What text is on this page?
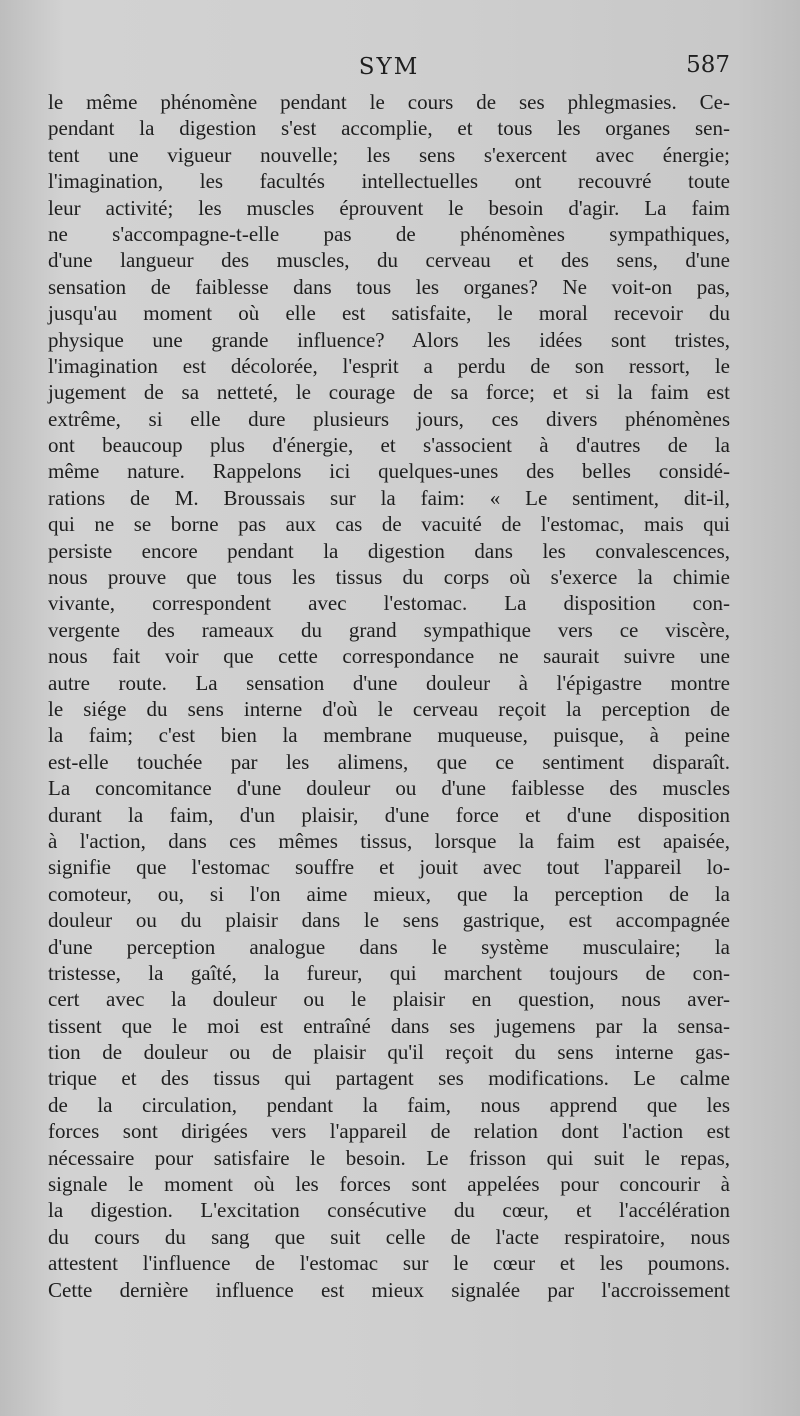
SYM	587
le même phénomène pendant le cours de ses phlegmasies. Ce-
pendant la digestion s'est accomplie, et tous les organes sen-
tent une vigueur nouvelle; les sens s'exercent avec énergie;
l'imagination, les facultés intellectuelles ont recouvré toute
leur activité; les muscles éprouvent le besoin d'agir. La faim
ne s'accompagne-t-elle pas de phénomènes sympathiques,
d'une langueur des muscles, du cerveau et des sens, d'une
sensation de faiblesse dans tous les organes? Ne voit-on pas,
jusqu'au moment où elle est satisfaite, le moral recevoir du
physique une grande influence? Alors les idées sont tristes,
l'imagination est décolorée, l'esprit a perdu de son ressort, le
jugement de sa netteté, le courage de sa force; et si la faim est
extrême, si elle dure plusieurs jours, ces divers phénomènes
ont beaucoup plus d'énergie, et s'associent à d'autres de la
même nature. Rappelons ici quelques-unes des belles considé-
rations de M. Broussais sur la faim: « Le sentiment, dit-il,
qui ne se borne pas aux cas de vacuité de l'estomac, mais qui
persiste encore pendant la digestion dans les convalescences,
nous prouve que tous les tissus du corps où s'exerce la chimie
vivante, correspondent avec l'estomac. La disposition con-
vergente des rameaux du grand sympathique vers ce viscère,
nous fait voir que cette correspondance ne saurait suivre une
autre route. La sensation d'une douleur à l'épigastre montre
le siége du sens interne d'où le cerveau reçoit la perception de
la faim; c'est bien la membrane muqueuse, puisque, à peine
est-elle touchée par les alimens, que ce sentiment disparaît.
La concomitance d'une douleur ou d'une faiblesse des muscles
durant la faim, d'un plaisir, d'une force et d'une disposition
à l'action, dans ces mêmes tissus, lorsque la faim est apaisée,
signifie que l'estomac souffre et jouit avec tout l'appareil lo-
comoteur, ou, si l'on aime mieux, que la perception de la
douleur ou du plaisir dans le sens gastrique, est accompagnée
d'une perception analogue dans le système musculaire; la
tristesse, la gaîté, la fureur, qui marchent toujours de con-
cert avec la douleur ou le plaisir en question, nous aver-
tissent que le moi est entraîné dans ses jugemens par la sensa-
tion de douleur ou de plaisir qu'il reçoit du sens interne gas-
trique et des tissus qui partagent ses modifications. Le calme
de la circulation, pendant la faim, nous apprend que les
forces sont dirigées vers l'appareil de relation dont l'action est
nécessaire pour satisfaire le besoin. Le frisson qui suit le repas,
signale le moment où les forces sont appelées pour concourir à
la digestion. L'excitation consécutive du cœur, et l'accélération
du cours du sang que suit celle de l'acte respiratoire, nous
attestent l'influence de l'estomac sur le cœur et les poumons.
Cette dernière influence est mieux signalée par l'accroissement
